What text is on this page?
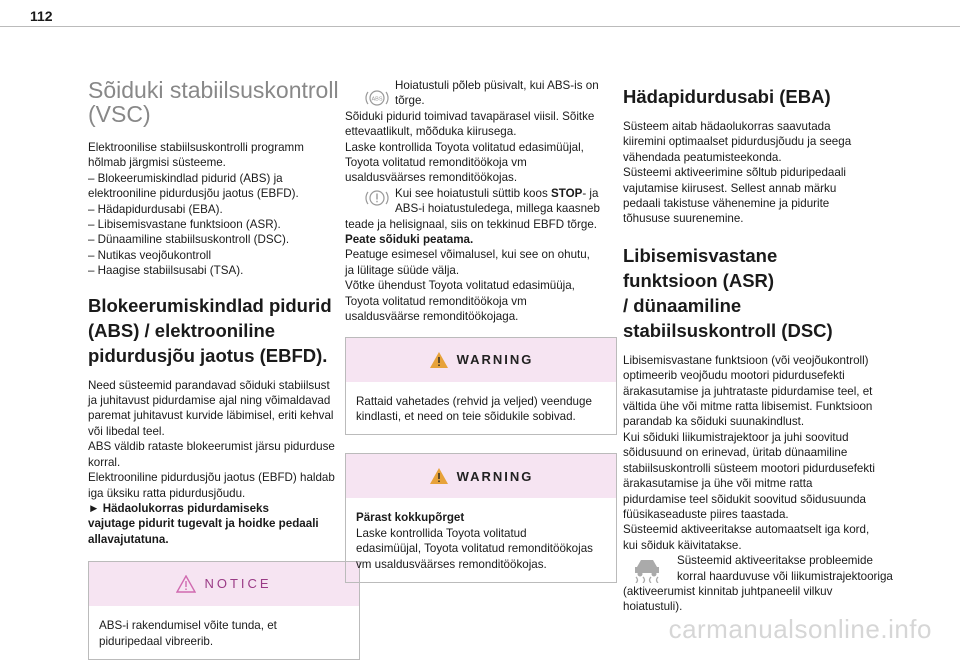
112
Sõiduki stabiilsuskontroll
(VSC)

Elektroonilise stabiilsuskontrolli programm
hõlmab järgmisi süsteeme.
– Blokeerumiskindlad pidurid (ABS) ja
elektrooniline pidurdusjõu jaotus (EBFD).
– Hädapidurdusabi (EBA).
– Libisemisvastane funktsioon (ASR).
– Dünaamiline stabiilsuskontroll (DSC).
– Nutikas veojõukontroll
– Haagise stabiilsusabi (TSA).

Blokeerumiskindlad pidurid
(ABS) / elektrooniline
pidurdusjõu jaotus (EBFD).

Need süsteemid parandavad sõiduki stabiilsust
ja juhitavust pidurdamise ajal ning võimaldavad
paremat juhitavust kurvide läbimisel, eriti kehval
või libedal teel.
ABS väldib rataste blokeerumist järsu pidurduse
korral.
Elektrooniline pidurdusjõu jaotus (EBFD) haldab
iga üksiku ratta pidurdusjõudu.
► Hädaolukorras pidurdamiseks
vajutage pidurit tugevalt ja hoidke pedaali
allavajutatuna.

NOTICE
ABS-i rakendumisel võite tunda, et
piduripedaal vibreerib.
ABS
Hoiatustuli põleb püsivalt, kui ABS-is on
tõrge.

Sõiduki pidurid toimivad tavapärasel viisil. Sõitke
ettevaatlikult, mõõduka kiirusega.
Laske kontrollida Toyota volitatud edasimüüjal,
Toyota volitatud remonditöökoja vm
usaldusväärses remonditöökojas.

Kui see hoiatustuli süttib koos STOP- ja
ABS-i hoiatustuledega, millega kaasneb

teade ja helisignaal, siis on tekkinud EBFD tõrge.
Peate sõiduki peatama.
Peatuge esimesel võimalusel, kui see on ohutu,
ja lülitage süüde välja.
Võtke ühendust Toyota volitatud edasimüüja,
Toyota volitatud remonditöökoja vm
usaldusväärse remonditöökojaga.

WARNING
Rattaid vahetades (rehvid ja veljed) veenduge
kindlasti, et need on teie sõidukile sobivad.
WARNING
Pärast kokkupõrget
Laske kontrollida Toyota volitatud
edasimüüjal, Toyota volitatud remonditöökojas
vm usaldusväärses remonditöökojas.
Hädapidurdusabi (EBA)

Süsteem aitab hädaolukorras saavutada
kiiremini optimaalset pidurdusjõudu ja seega
vähendada peatumisteekonda.
Süsteemi aktiveerimine sõltub piduripedaali
vajutamise kiirusest. Sellest annab märku
pedaali takistuse vähenemine ja pidurite
tõhususe suurenemine.

Libisemisvastane
funktsioon (ASR)
/ dünaamiline
stabiilsuskontroll (DSC)

Libisemisvastane funktsioon (või veojõukontroll)
optimeerib veojõudu mootori pidurdusefekti
ärakasutamise ja juhtrataste pidurdamise teel, et
vältida ühe või mitme ratta libisemist. Funktsioon
parandab ka sõiduki suunakindlust.
Kui sõiduki liikumistrajektoor ja juhi soovitud
sõidusuund on erinevad, üritab dünaamiline
stabiilsuskontrolli süsteem mootori pidurdusefekti
ärakasutamise ja ühe või mitme ratta
pidurdamise teel sõidukit soovitud sõidusuunda
füüsikaseaduste piires taastada.
Süsteemid aktiveeritakse automaatselt iga kord,
kui sõiduk käivitatakse.

Süsteemid aktiveeritakse probleemide
korral haarduvuse või liikumistrajektooriga

(aktiveerumist kinnitab juhtpaneelil vilkuv
hoiatustuli).

carmanualsonline.info
